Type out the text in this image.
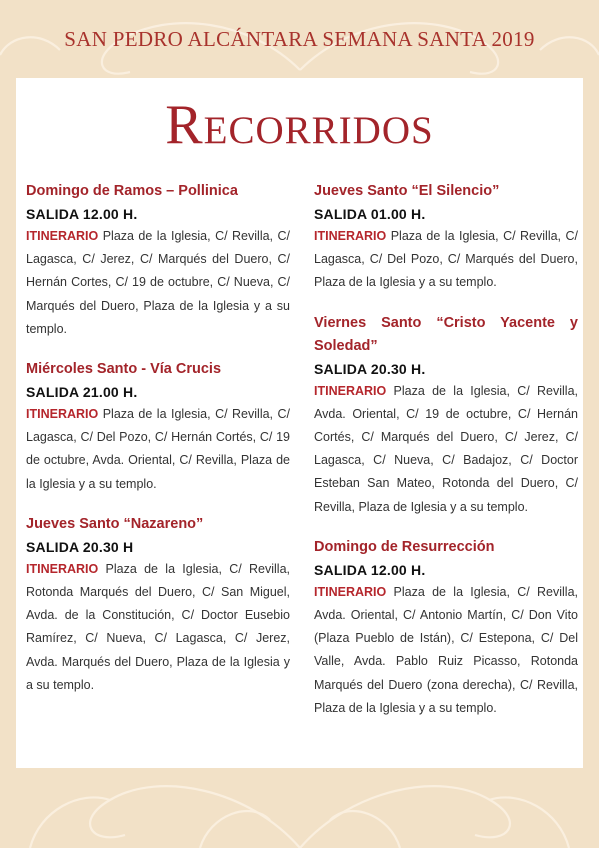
SAN PEDRO ALCÁNTARA SEMANA SANTA 2019
Recorridos
Domingo de Ramos – Pollinica
SALIDA 12.00 H.
ITINERARIO Plaza de la Iglesia, C/ Revilla, C/ Lagasca, C/ Jerez, C/ Marqués del Duero, C/ Hernán Cortes, C/ 19 de octubre, C/ Nueva, C/ Marqués del Duero, Plaza de la Iglesia y a su templo.
Miércoles Santo - Vía Crucis
SALIDA 21.00 H.
ITINERARIO Plaza de la Iglesia, C/ Revilla, C/ Lagasca, C/ Del Pozo, C/ Hernán Cortés, C/ 19 de octubre, Avda. Oriental, C/ Revilla, Plaza de la Iglesia y a su templo.
Jueves Santo “Nazareno”
SALIDA 20.30 H
ITINERARIO Plaza de la Iglesia, C/ Revilla, Rotonda Marqués del Duero, C/ San Miguel, Avda. de la Constitución, C/ Doctor Eusebio Ramírez, C/ Nueva, C/ Lagasca, C/ Jerez, Avda. Marqués del Duero, Plaza de la Iglesia y a su templo.
Jueves Santo “El Silencio”
SALIDA 01.00 H.
ITINERARIO Plaza de la Iglesia, C/ Revilla, C/ Lagasca, C/ Del Pozo, C/ Marqués del Duero, Plaza de la Iglesia y a su templo.
Viernes Santo “Cristo Yacente y Soledad”
SALIDA 20.30 H.
ITINERARIO Plaza de la Iglesia, C/ Revilla, Avda. Oriental, C/ 19 de octubre, C/ Hernán Cortés, C/ Marqués del Duero, C/ Jerez, C/ Lagasca, C/ Nueva, C/ Badajoz, C/ Doctor Esteban San Mateo, Rotonda del Duero, C/ Revilla, Plaza de Iglesia y a su templo.
Domingo de Resurrección
SALIDA 12.00 H.
ITINERARIO Plaza de la Iglesia, C/ Revilla, Avda. Oriental, C/ Antonio Martín, C/ Don Vito (Plaza Pueblo de Istán), C/ Estepona, C/ Del Valle, Avda. Pablo Ruiz Picasso, Rotonda Marqués del Duero (zona derecha), C/ Revilla, Plaza de la Iglesia y a su templo.
